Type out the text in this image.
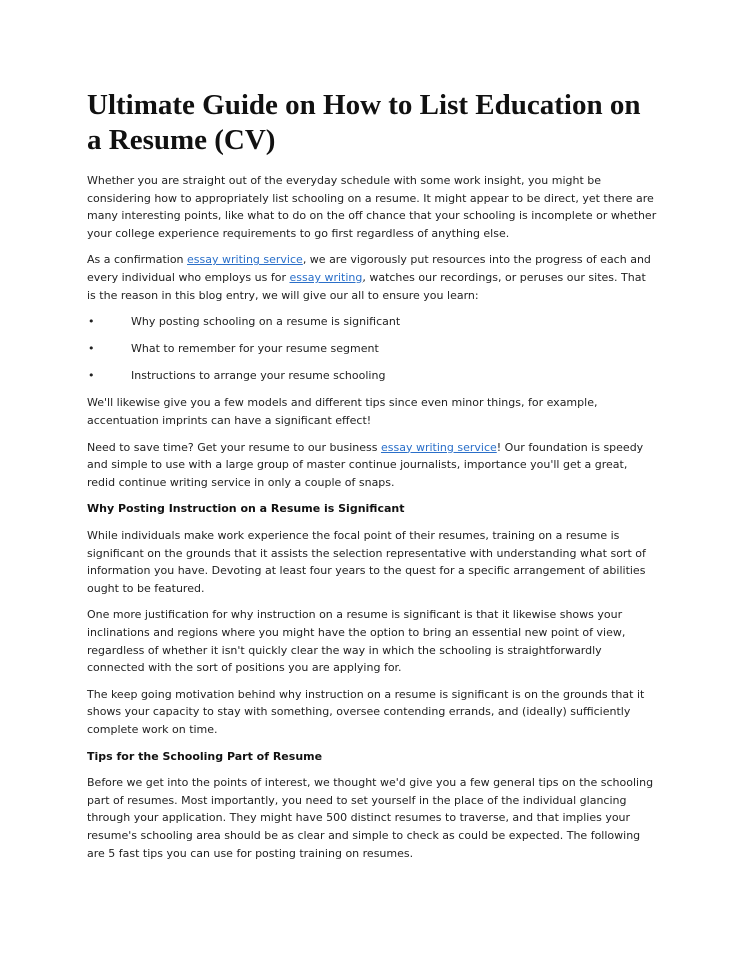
Ultimate Guide on How to List Education on a Resume (CV)

Whether you are straight out of the everyday schedule with some work insight, you might be considering how to appropriately list schooling on a resume. It might appear to be direct, yet there are many interesting points, like what to do on the off chance that your schooling is incomplete or whether your college experience requirements to go first regardless of anything else.

As a confirmation essay writing service, we are vigorously put resources into the progress of each and every individual who employs us for essay writing, watches our recordings, or peruses our sites. That is the reason in this blog entry, we will give our all to ensure you learn:

•	Why posting schooling on a resume is significant
•	What to remember for your resume segment
•	Instructions to arrange your resume schooling

We'll likewise give you a few models and different tips since even minor things, for example, accentuation imprints can have a significant effect!

Need to save time? Get your resume to our business essay writing service! Our foundation is speedy and simple to use with a large group of master continue journalists, importance you'll get a great, redid continue writing service in only a couple of snaps.

Why Posting Instruction on a Resume is Significant

While individuals make work experience the focal point of their resumes, training on a resume is significant on the grounds that it assists the selection representative with understanding what sort of information you have. Devoting at least four years to the quest for a specific arrangement of abilities ought to be featured.

One more justification for why instruction on a resume is significant is that it likewise shows your inclinations and regions where you might have the option to bring an essential new point of view, regardless of whether it isn't quickly clear the way in which the schooling is straightforwardly connected with the sort of positions you are applying for.

The keep going motivation behind why instruction on a resume is significant is on the grounds that it shows your capacity to stay with something, oversee contending errands, and (ideally) sufficiently complete work on time.

Tips for the Schooling Part of Resume

Before we get into the points of interest, we thought we'd give you a few general tips on the schooling part of resumes. Most importantly, you need to set yourself in the place of the individual glancing through your application. They might have 500 distinct resumes to traverse, and that implies your resume's schooling area should be as clear and simple to check as could be expected. The following are 5 fast tips you can use for posting training on resumes.
